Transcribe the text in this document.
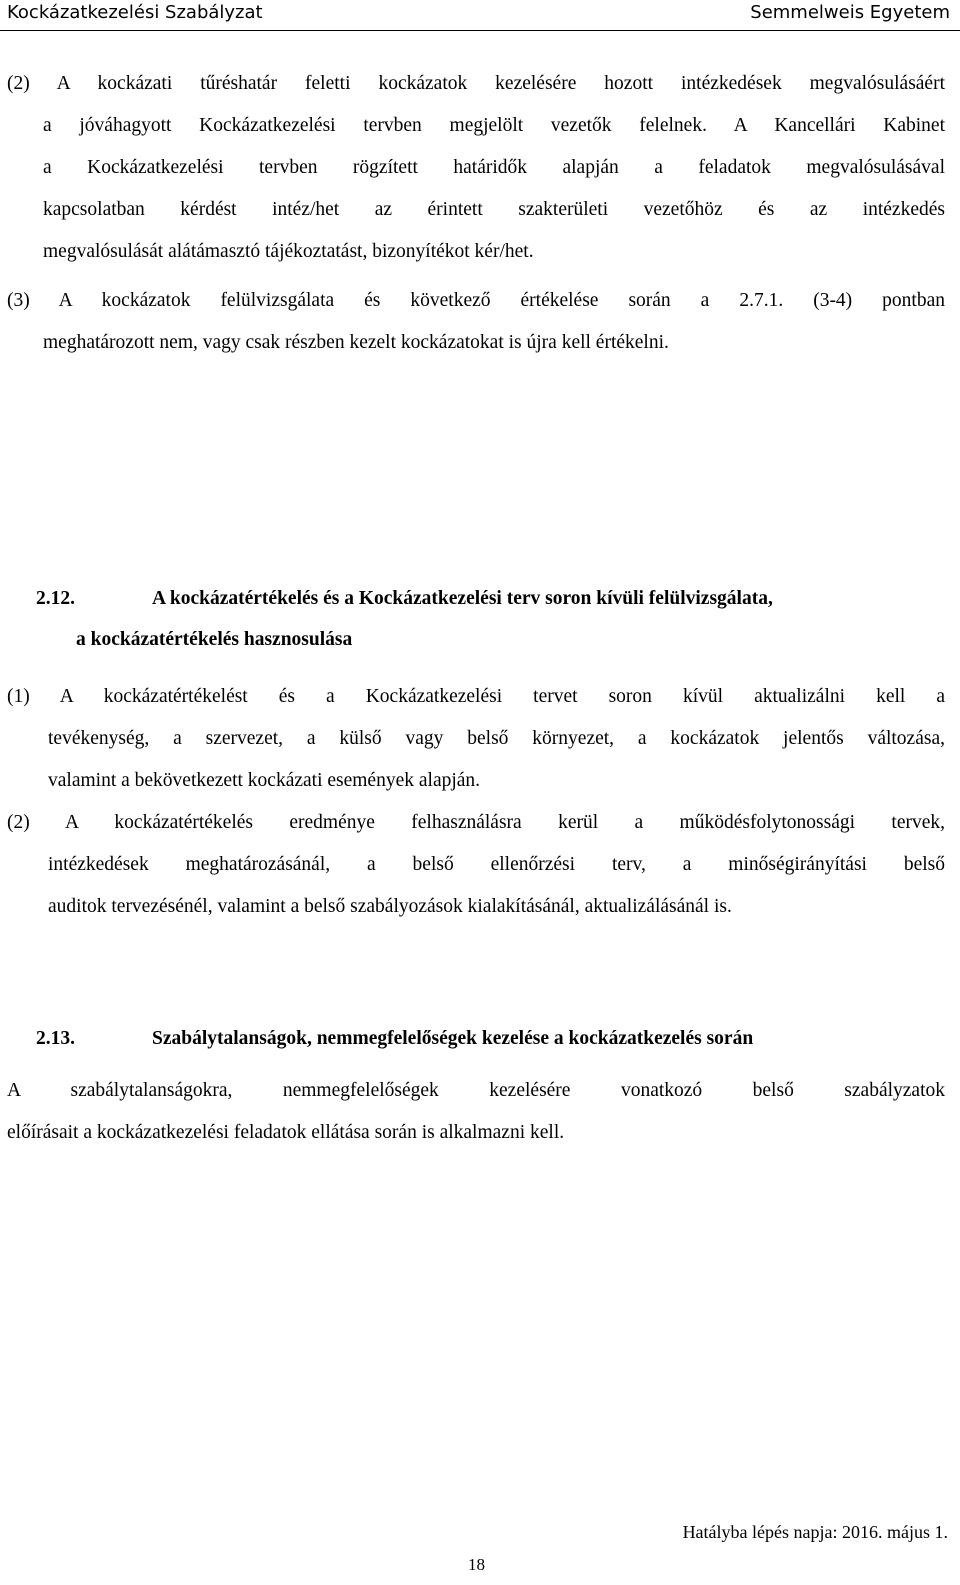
Kockázatkezelési Szabályzat	Semmelweis Egyetem
(2) A kockázati tűréshatár feletti kockázatok kezelésére hozott intézkedések megvalósulásáért
a jóváhagyott Kockázatkezelési tervben megjelölt vezetők felelnek. A Kancellári Kabinet
a Kockázatkezelési tervben rögzített határidők alapján a feladatok megvalósulásával
kapcsolatban kérdést intéz/het az érintett szakterületi vezetőhöz és az intézkedés
megvalósulását alátámasztó tájékoztatást, bizonyítékot kér/het.
(3) A kockázatok felülvizsgálata és következő értékelése során a 2.7.1. (3-4) pontban
meghatározott nem, vagy csak részben kezelt kockázatokat is újra kell értékelni.
2.12.	A kockázatértékelés és a Kockázatkezelési terv soron kívüli felülvizsgálata,
a kockázatértékelés hasznosulása
(1) A kockázatértékelést és a Kockázatkezelési tervet soron kívül aktualizálni kell a
tevékenység, a szervezet, a külső vagy belső környezet, a kockázatok jelentős változása,
valamint a bekövetkezett kockázati események alapján.
(2) A kockázatértékelés eredménye felhasználásra kerül a működésfolytonossági tervek,
intézkedések meghatározásánál, a belső ellenőrzési terv, a minőségirányítási belső
auditok tervezésénél, valamint a belső szabályozások kialakításánál, aktualizálásánál is.
2.13.	Szabálytalanságok, nemmegfelelőségek kezelése a kockázatkezelés során
A szabálytalanságokra, nemmegfelelőségek kezelésére vonatkozó belső szabályzatok
előírásait a kockázatkezelési feladatok ellátása során is alkalmazni kell.
Hatályba lépés napja: 2016. május 1.
18
